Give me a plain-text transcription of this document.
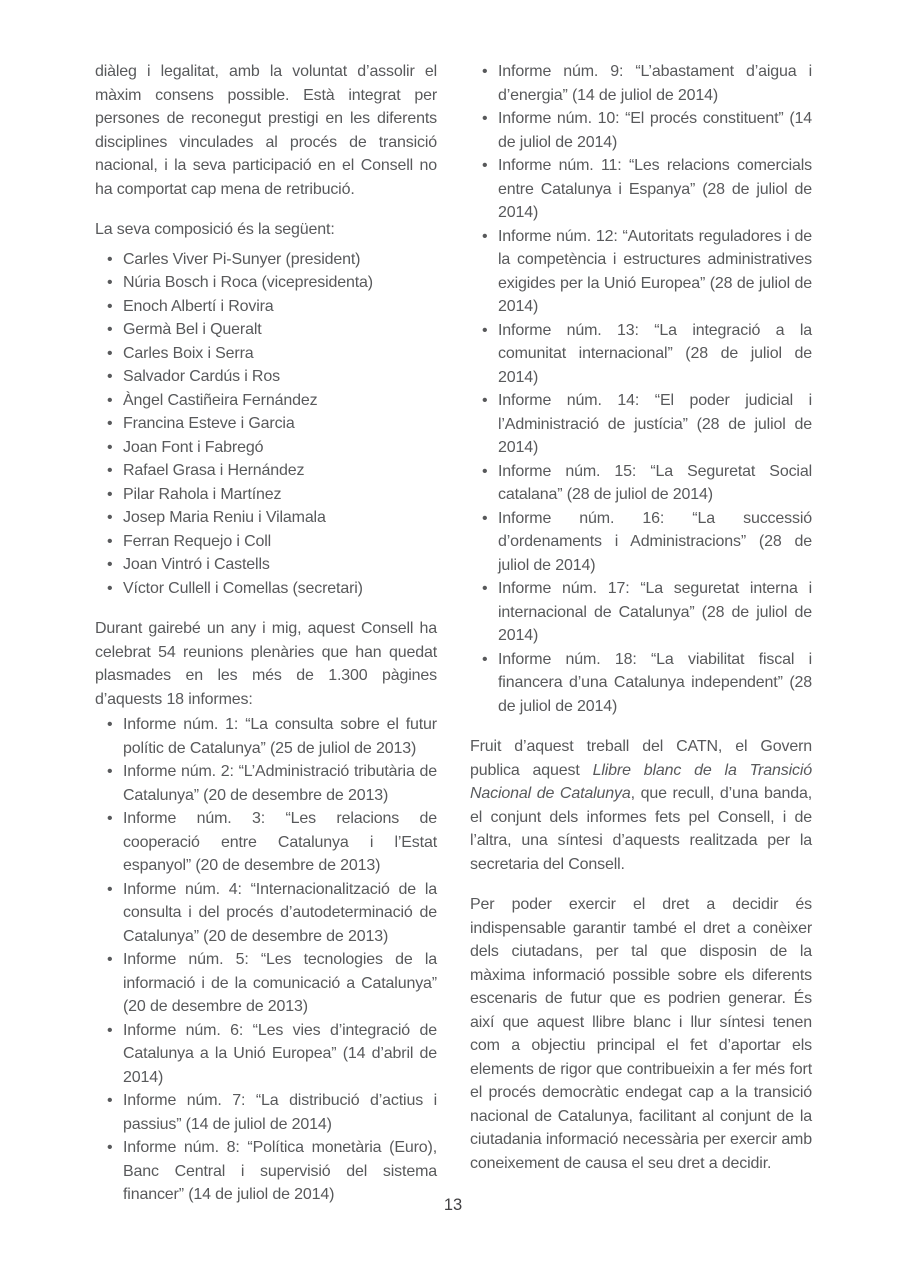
diàleg i legalitat, amb la voluntat d’assolir el màxim consens possible. Està integrat per persones de reconegut prestigi en les diferents disciplines vinculades al procés de transició nacional, i la seva participació en el Consell no ha comportat cap mena de retribució.

La seva composició és la següent:

• Carles Viver Pi-Sunyer (president)
• Núria Bosch i Roca (vicepresidenta)
• Enoch Albertí i Rovira
• Germà Bel i Queralt
• Carles Boix i Serra
• Salvador Cardús i Ros
• Àngel Castiñeira Fernández
• Francina Esteve i Garcia
• Joan Font i Fabregó
• Rafael Grasa i Hernández
• Pilar Rahola i Martínez
• Josep Maria Reniu i Vilamala
• Ferran Requejo i Coll
• Joan Vintró i Castells
• Víctor Cullell i Comellas (secretari)

Durant gairebé un any i mig, aquest Consell ha celebrat 54 reunions plenàries que han quedat plasmades en les més de 1.300 pàgines d’aquests 18 informes:

• Informe núm. 1: “La consulta sobre el futur polític de Catalunya” (25 de juliol de 2013)
• Informe núm. 2: “L’Administració tributària de Catalunya” (20 de desembre de 2013)
• Informe núm. 3: “Les relacions de cooperació entre Catalunya i l’Estat espanyol” (20 de desembre de 2013)
• Informe núm. 4: “Internacionalització de la consulta i del procés d’autodeterminació de Catalunya” (20 de desembre de 2013)
• Informe núm. 5: “Les tecnologies de la informació i de la comunicació a Catalunya” (20 de desembre de 2013)
• Informe núm. 6: “Les vies d’integració de Catalunya a la Unió Europea” (14 d’abril de 2014)
• Informe núm. 7: “La distribució d’actius i passius” (14 de juliol de 2014)
• Informe núm. 8: “Política monetària (Euro), Banc Central i supervisió del sistema financer” (14 de juliol de 2014)
• Informe núm. 9: “L’abastament d’aigua i d’energia” (14 de juliol de 2014)
• Informe núm. 10: “El procés constituent” (14 de juliol de 2014)
• Informe núm. 11: “Les relacions comercials entre Catalunya i Espanya” (28 de juliol de 2014)
• Informe núm. 12: “Autoritats reguladores i de la competència i estructures administratives exigides per la Unió Europea” (28 de juliol de 2014)
• Informe núm. 13: “La integració a la comunitat internacional” (28 de juliol de 2014)
• Informe núm. 14: “El poder judicial i l’Administració de justícia” (28 de juliol de 2014)
• Informe núm. 15: “La Seguretat Social catalana” (28 de juliol de 2014)
• Informe núm. 16: “La successió d’ordenaments i Administracions” (28 de juliol de 2014)
• Informe núm. 17: “La seguretat interna i internacional de Catalunya” (28 de juliol de 2014)
• Informe núm. 18: “La viabilitat fiscal i financera d’una Catalunya independent” (28 de juliol de 2014)

Fruit d’aquest treball del CATN, el Govern publica aquest Llibre blanc de la Transició Nacional de Catalunya, que recull, d’una banda, el conjunt dels informes fets pel Consell, i de l’altra, una síntesi d’aquests realitzada per la secretaria del Consell.

Per poder exercir el dret a decidir és indispensable garantir també el dret a conèixer dels ciutadans, per tal que disposin de la màxima informació possible sobre els diferents escenaris de futur que es podrien generar. És així que aquest llibre blanc i llur síntesi tenen com a objectiu principal el fet d’aportar els elements de rigor que contribueixin a fer més fort el procés democràtic endegat cap a la transició nacional de Catalunya, facilitant al conjunt de la ciutadania informació necessària per exercir amb coneixement de causa el seu dret a decidir.

13
